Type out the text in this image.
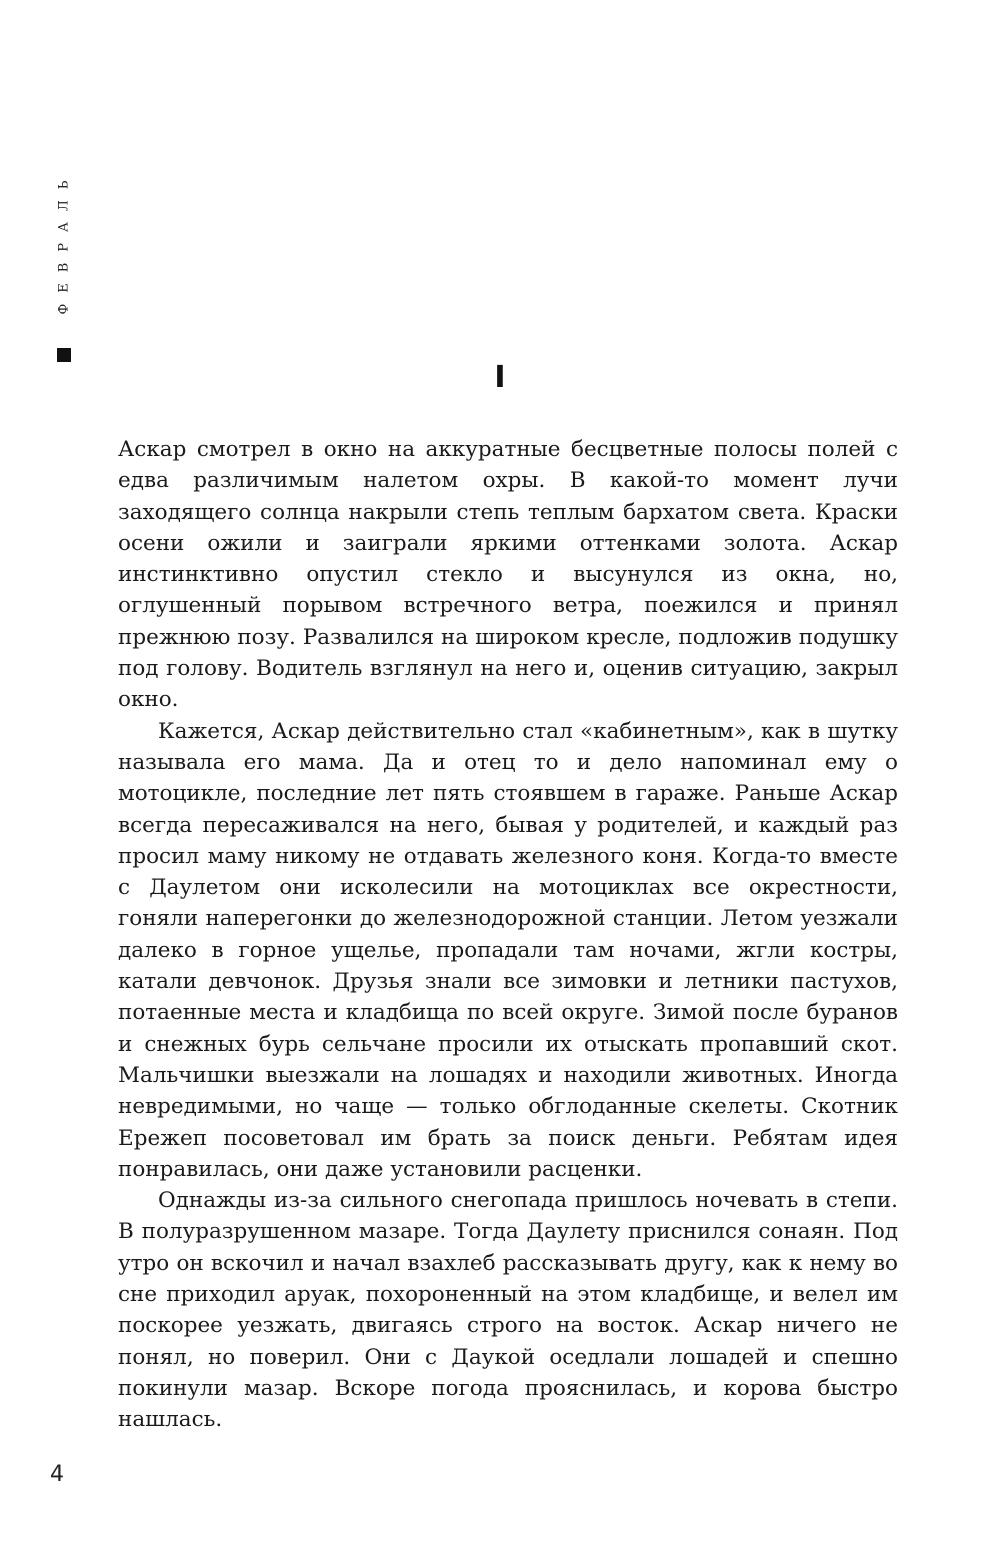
ФЕВРАЛЬ
I

Аскар смотрел в окно на аккуратные бесцветные полосы полей с едва различимым налетом охры. В какой-то момент лучи заходящего солнца накрыли степь теплым бархатом света. Краски осени ожили и заиграли яркими оттенками золота. Аскар инстинктивно опустил стекло и высунулся из окна, но, оглушенный порывом встречного ветра, поежился и принял прежнюю позу. Развалился на широком кресле, подложив подушку под голову. Водитель взглянул на него и, оценив ситуацию, закрыл окно.

Кажется, Аскар действительно стал «кабинетным», как в шутку называла его мама. Да и отец то и дело напоминал ему о мотоцикле, последние лет пять стоявшем в гараже. Раньше Аскар всегда пересаживался на него, бывая у родителей, и каждый раз просил маму никому не отдавать железного коня. Когда-то вместе с Даулетом они исколесили на мотоциклах все окрестности, гоняли наперегонки до железнодорожной станции. Летом уезжали далеко в горное ущелье, пропадали там ночами, жгли костры, катали девчонок. Друзья знали все зимовки и летники пастухов, потаенные места и кладбища по всей округе. Зимой после буранов и снежных бурь сельчане просили их отыскать пропавший скот. Мальчишки выезжали на лошадях и находили животных. Иногда невредимыми, но чаще — только обглоданные скелеты. Скотник Ережеп посоветовал им брать за поиск деньги. Ребятам идея понравилась, они даже установили расценки.

Однажды из-за сильного снегопада пришлось ночевать в степи. В полуразрушенном мазаре. Тогда Даулету приснился сонаян. Под утро он вскочил и начал взахлеб рассказывать другу, как к нему во сне приходил аруак, похороненный на этом кладбище, и велел им поскорее уезжать, двигаясь строго на восток. Аскар ничего не понял, но поверил. Они с Даукой оседлали лошадей и спешно покинули мазар. Вскоре погода прояснилась, и корова быстро нашлась.

4
